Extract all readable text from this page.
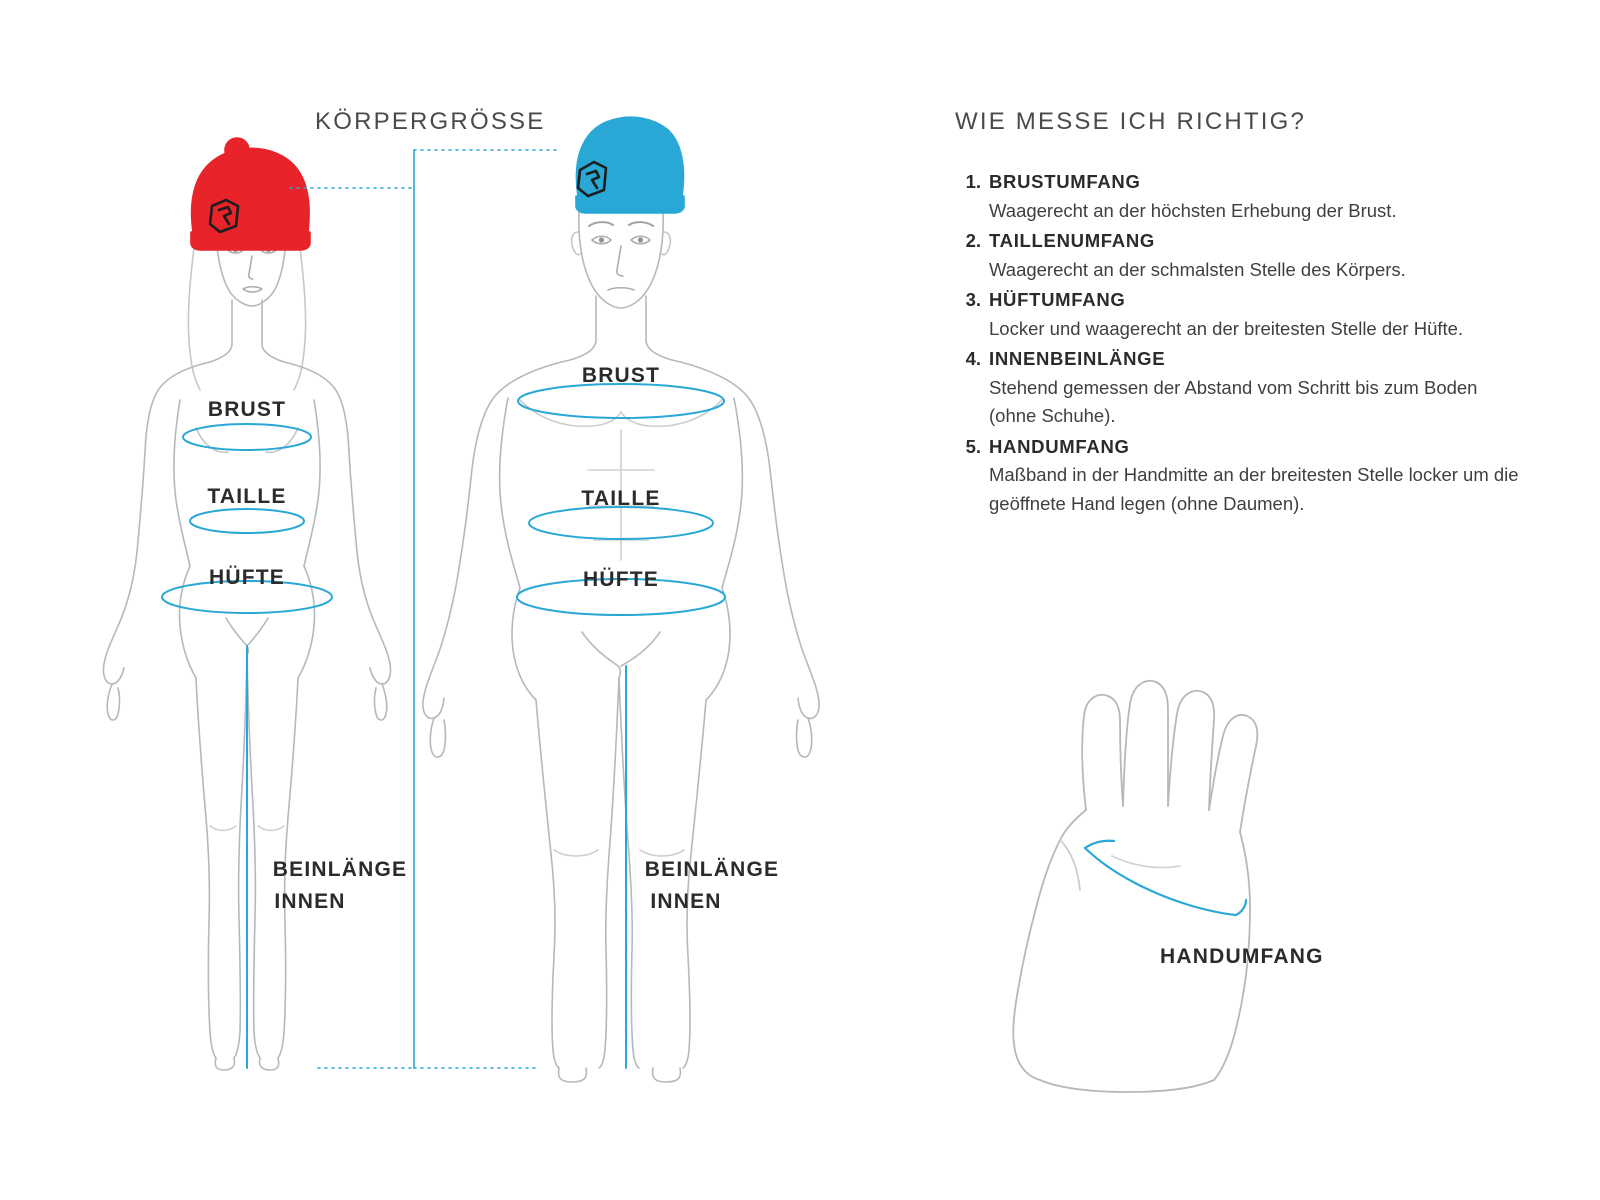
KÖRPERGRÖSSE
BRUST
TAILLE
HÜFTE
BEINLÄNGE
INNEN
BRUST
TAILLE
HÜFTE
BEINLÄNGE
INNEN
WIE MESSE ICH RICHTIG?
1. BRUSTUMFANG
Waagerecht an der höchsten Erhebung der Brust.
2. TAILLENUMFANG
Waagerecht an der schmalsten Stelle des Körpers.
3. HÜFTUMFANG
Locker und waagerecht an der breitesten Stelle der Hüfte.
4. INNENBEINLÄNGE
Stehend gemessen der Abstand vom Schritt bis zum Boden (ohne Schuhe).
5. HANDUMFANG
Maßband in der Handmitte an der breitesten Stelle locker um die geöffnete Hand legen (ohne Daumen).
HANDUMFANG
